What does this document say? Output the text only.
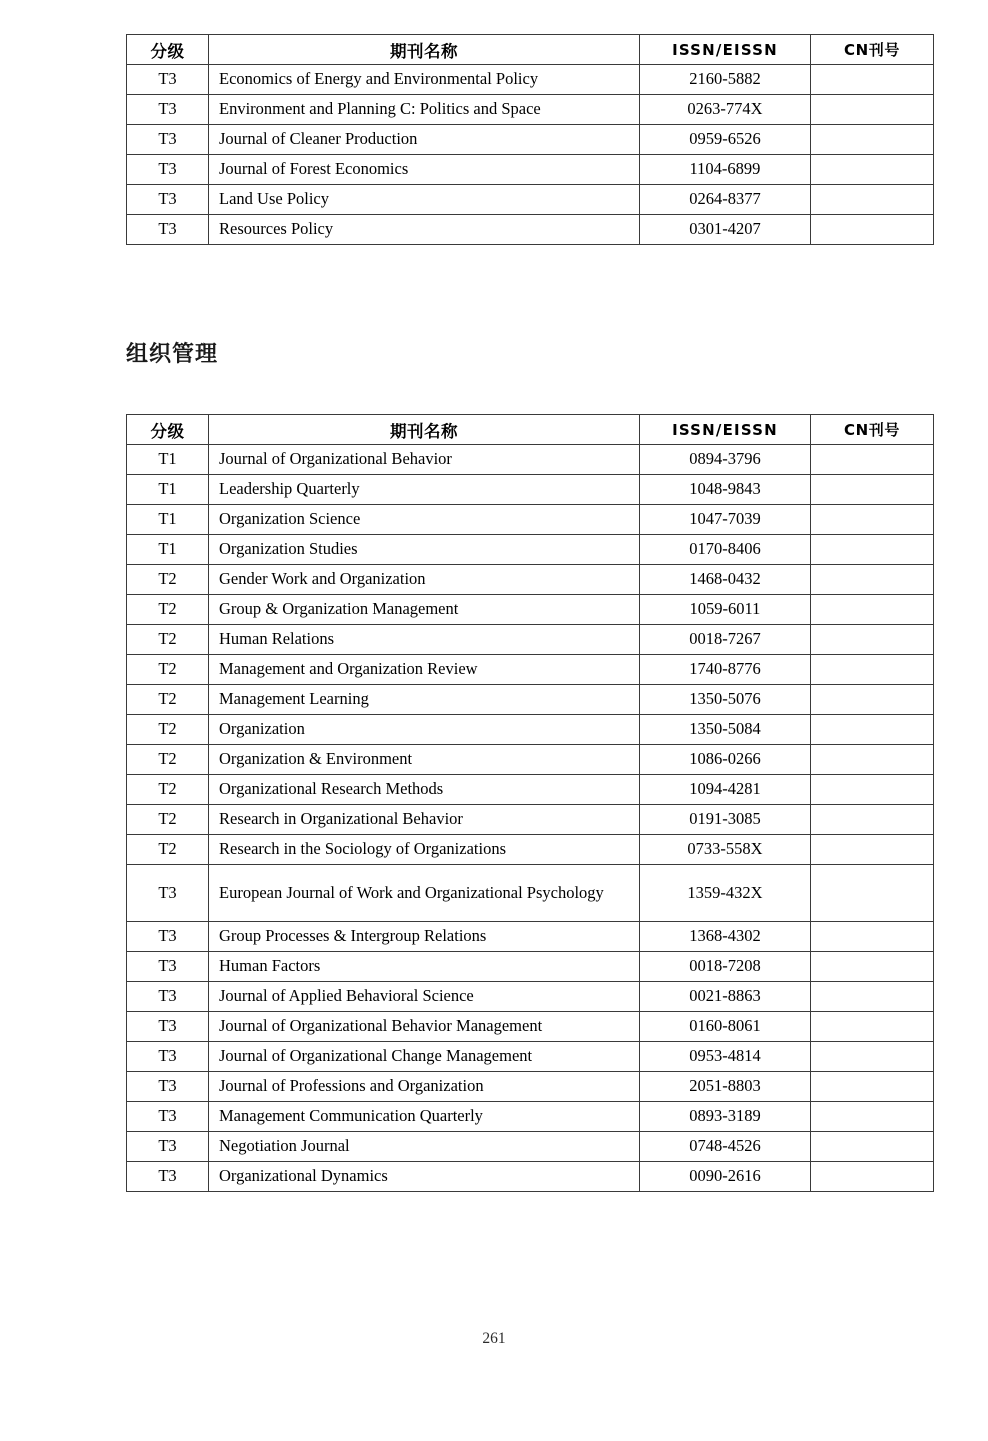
分级	期刊名称	ISSN/EISSN	CN刊号
T3	Economics of Energy and Environmental Policy	2160-5882	
T3	Environment and Planning C: Politics and Space	0263-774X	
T3	Journal of Cleaner Production	0959-6526	
T3	Journal of Forest Economics	1104-6899	
T3	Land Use Policy	0264-8377	
T3	Resources Policy	0301-4207	
组织管理
分级	期刊名称	ISSN/EISSN	CN刊号
T1	Journal of Organizational Behavior	0894-3796	
T1	Leadership Quarterly	1048-9843	
T1	Organization Science	1047-7039	
T1	Organization Studies	0170-8406	
T2	Gender Work and Organization	1468-0432	
T2	Group & Organization Management	1059-6011	
T2	Human Relations	0018-7267	
T2	Management and Organization Review	1740-8776	
T2	Management Learning	1350-5076	
T2	Organization	1350-5084	
T2	Organization & Environment	1086-0266	
T2	Organizational Research Methods	1094-4281	
T2	Research in Organizational Behavior	0191-3085	
T2	Research in the Sociology of Organizations	0733-558X	
T3	European Journal of Work and Organizational Psychology	1359-432X	
T3	Group Processes & Intergroup Relations	1368-4302	
T3	Human Factors	0018-7208	
T3	Journal of Applied Behavioral Science	0021-8863	
T3	Journal of Organizational Behavior Management	0160-8061	
T3	Journal of Organizational Change Management	0953-4814	
T3	Journal of Professions and Organization	2051-8803	
T3	Management Communication Quarterly	0893-3189	
T3	Negotiation Journal	0748-4526	
T3	Organizational Dynamics	0090-2616	
261
